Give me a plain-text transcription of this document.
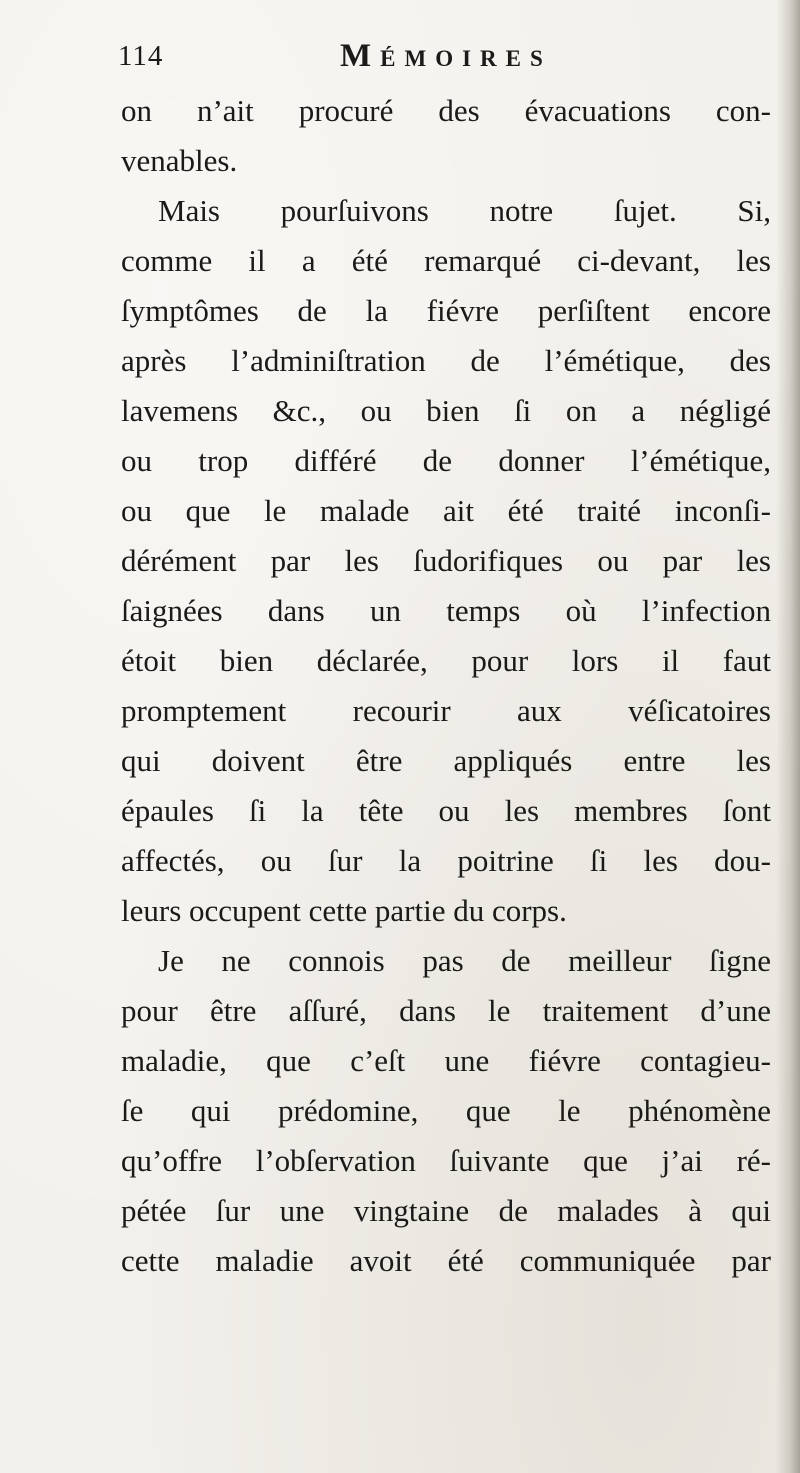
114	Mémoires
on n’ait procuré des évacuations con-
venables.
Mais pourſuivons notre ſujet. Si,
comme il a été remarqué ci-devant, les
ſymptômes de la fiévre perſiſtent encore
après l’adminiſtration de l’émétique, des
lavemens &c., ou bien ſi on a négligé
ou trop différé de donner l’émétique,
ou que le malade ait été traité inconſi-
dérément par les ſudorifiques ou par les
ſaignées dans un temps où l’infection
étoit bien déclarée, pour lors il faut
promptement recourir aux véſicatoires
qui doivent être appliqués entre les
épaules ſi la tête ou les membres ſont
affectés, ou ſur la poitrine ſi les dou-
leurs occupent cette partie du corps.
Je ne connois pas de meilleur ſigne
pour être aſſuré, dans le traitement d’une
maladie, que c’eſt une fiévre contagieu-
ſe qui prédomine, que le phénomène
qu’offre l’obſervation ſuivante que j’ai ré-
pétée ſur une vingtaine de malades à qui
cette maladie avoit été communiquée par
